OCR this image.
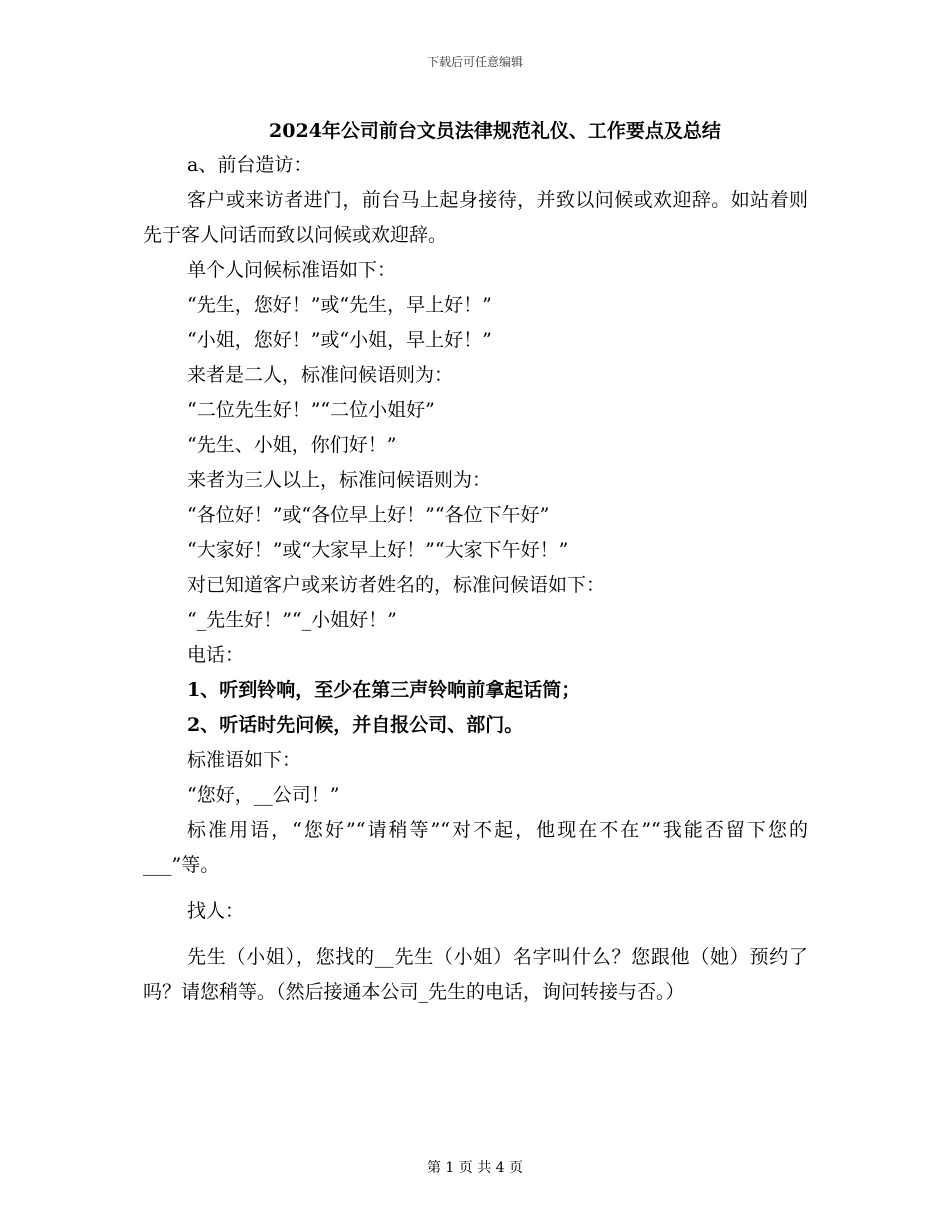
下载后可任意编辑
2024年公司前台文员法律规范礼仪、工作要点及总结
a、前台造访：

客户或来访者进门，前台马上起身接待，并致以问候或欢迎辞。如站着则先于客人问话而致以问候或欢迎辞。

单个人问候标准语如下：
“先生，您好！”或“先生，早上好！”
“小姐，您好！”或“小姐，早上好！”
来者是二人，标准问候语则为：
“二位先生好！”“二位小姐好”
“先生、小姐，你们好！”
来者为三人以上，标准问候语则为：
“各位好！”或“各位早上好！”“各位下午好”
“大家好！”或“大家早上好！”“大家下午好！”
对已知道客户或来访者姓名的，标准问候语如下：
“_先生好！”“_小姐好！”
电话：
1、听到铃响，至少在第三声铃响前拿起话筒；
2、听话时先问候，并自报公司、部门。
标准语如下：
“您好，__公司！”

标准用语，“您好”“请稍等”“对不起，他现在不在”“我能否留下您的___”等。

找人：

先生（小姐），您找的__先生（小姐）名字叫什么？您跟他（她）预约了吗？请您稍等。（然后接通本公司_先生的电话，询问转接与否。）

第 1 页 共 4 页
